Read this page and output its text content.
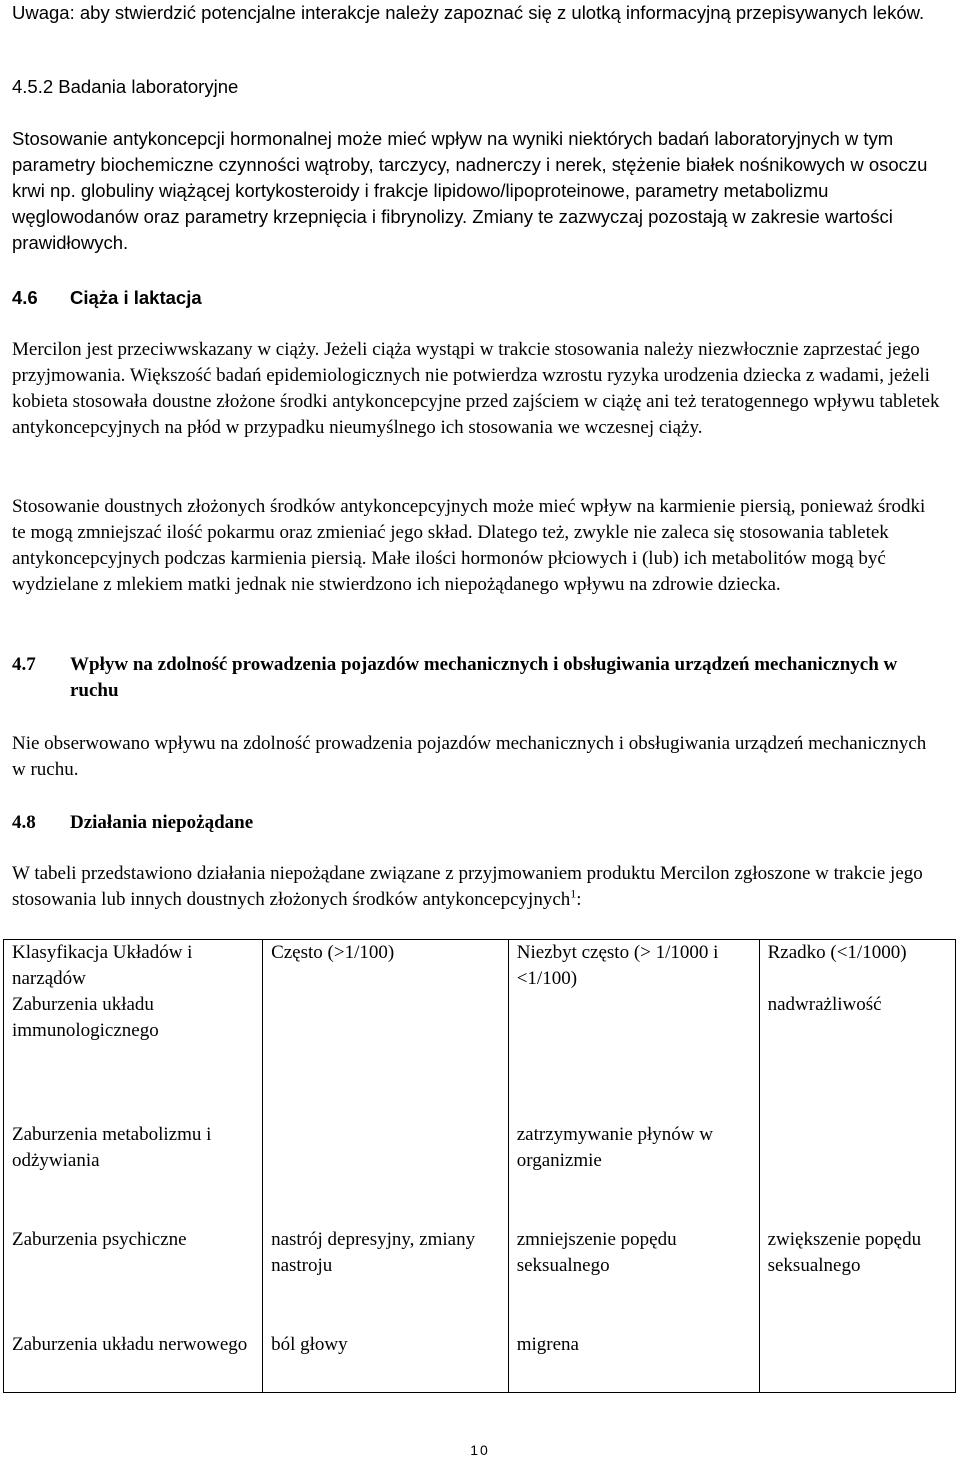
Uwaga: aby stwierdzić potencjalne interakcje należy zapoznać się z ulotką informacyjną przepisywanych leków.

4.5.2 Badania laboratoryjne

Stosowanie antykoncepcji hormonalnej może mieć wpływ na wyniki niektórych badań laboratoryjnych w tym parametry biochemiczne czynności wątroby, tarczycy, nadnerczy i nerek, stężenie białek nośnikowych w osoczu krwi np. globuliny wiążącej kortykosteroidy i frakcje lipidowo/lipoproteinowe, parametry metabolizmu węglowodanów oraz parametry krzepnięcia i fibrynolizy. Zmiany te zazwyczaj pozostają w zakresie wartości prawidłowych.

4.6 Ciąża i laktacja

Mercilon jest przeciwwskazany w ciąży. Jeżeli ciąża wystąpi w trakcie stosowania należy niezwłocznie zaprzestać jego przyjmowania. Większość badań epidemiologicznych nie potwierdza wzrostu ryzyka urodzenia dziecka z wadami, jeżeli kobieta stosowała doustne złożone środki antykoncepcyjne przed zajściem w ciążę ani też teratogennego wpływu tabletek antykoncepcyjnych na płód w przypadku nieumyślnego ich stosowania we wczesnej ciąży.

Stosowanie doustnych złożonych środków antykoncepcyjnych może mieć wpływ na karmienie piersią, ponieważ środki te mogą zmniejszać ilość pokarmu oraz zmieniać jego skład. Dlatego też, zwykle nie zaleca się stosowania tabletek antykoncepcyjnych podczas karmienia piersią. Małe ilości hormonów płciowych i (lub) ich metabolitów mogą być wydzielane z mlekiem matki jednak nie stwierdzono ich niepożądanego wpływu na zdrowie dziecka.

4.7	Wpływ na zdolność prowadzenia pojazdów mechanicznych i obsługiwania urządzeń mechanicznych w ruchu

Nie obserwowano wpływu na zdolność prowadzenia pojazdów mechanicznych i obsługiwania urządzeń mechanicznych w ruchu.

4.8 Działania niepożądane

W tabeli przedstawiono działania niepożądane związane z przyjmowaniem produktu Mercilon zgłoszone w trakcie jego stosowania lub innych doustnych złożonych środków antykoncepcyjnych$^1$:

Klasyfikacja Układów i narządów	Często (>1/100)	Niezbyt często (> 1/1000 i <1/100)	Rzadko (<1/1000)
Zaburzenia układu immunologicznego			nadwrażliwość
Zaburzenia metabolizmu i odżywiania		zatrzymywanie płynów w organizmie	
Zaburzenia psychiczne	nastrój depresyjny, zmiany nastroju	zmniejszenie popędu seksualnego	zwiększenie popędu seksualnego
Zaburzenia układu nerwowego	ból głowy	migrena	
10
